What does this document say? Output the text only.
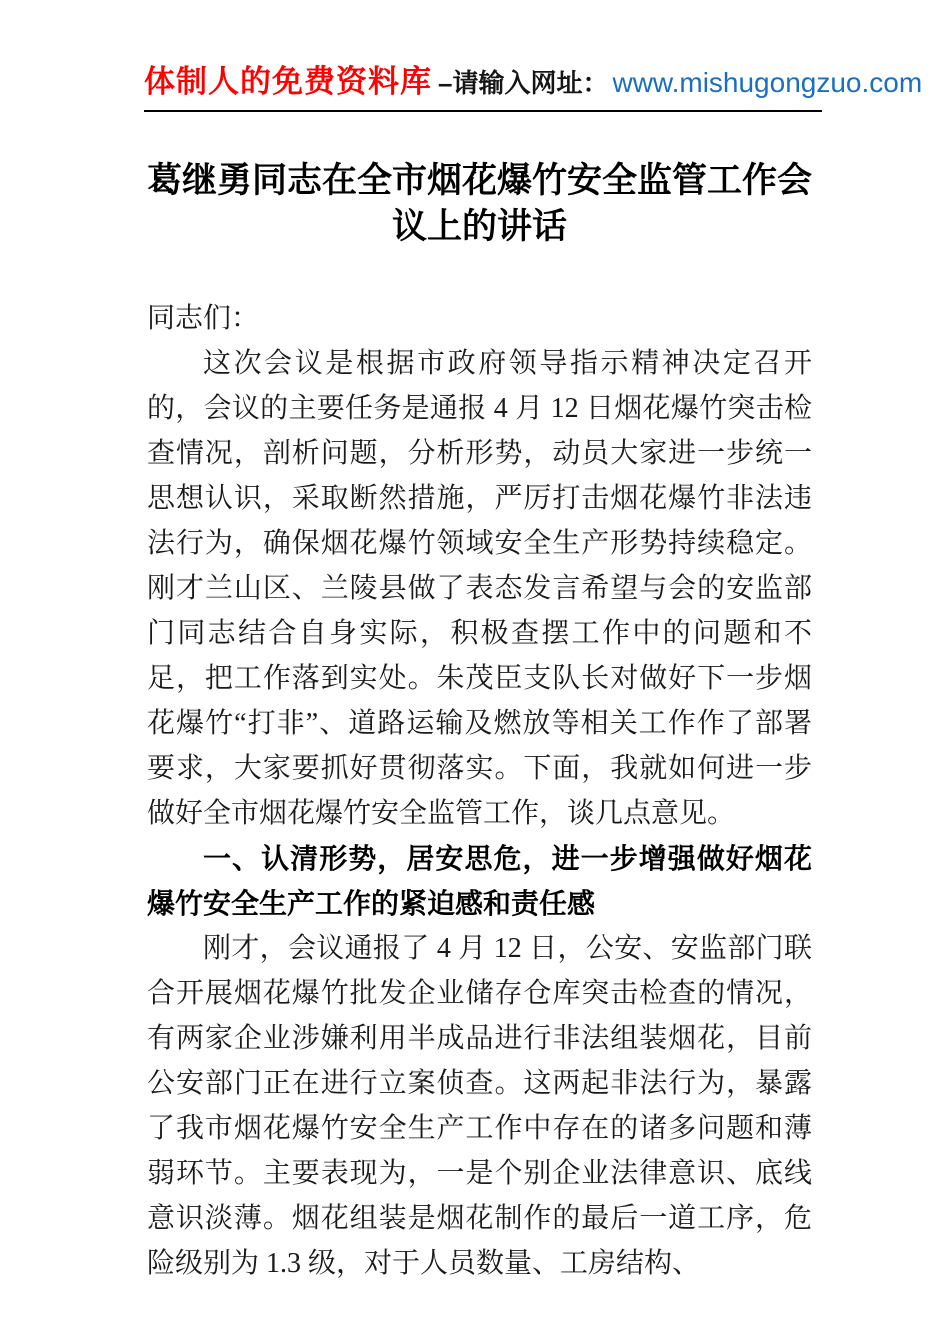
体制人的免费资料库 –请输入网址： www.mishugongzuo.com
葛继勇同志在全市烟花爆竹安全监管工作会议上的讲话

同志们：

这次会议是根据市政府领导指示精神决定召开的，会议的主要任务是通报 4 月 12 日烟花爆竹突击检查情况，剖析问题，分析形势，动员大家进一步统一思想认识，采取断然措施，严厉打击烟花爆竹非法违法行为，确保烟花爆竹领域安全生产形势持续稳定。刚才兰山区、兰陵县做了表态发言希望与会的安监部门同志结合自身实际，积极查摆工作中的问题和不足，把工作落到实处。朱茂臣支队长对做好下一步烟花爆竹“打非”、道路运输及燃放等相关工作作了部署要求，大家要抓好贯彻落实。下面，我就如何进一步做好全市烟花爆竹安全监管工作，谈几点意见。

一、认清形势，居安思危，进一步增强做好烟花爆竹安全生产工作的紧迫感和责任感

刚才，会议通报了 4 月 12 日，公安、安监部门联合开展烟花爆竹批发企业储存仓库突击检查的情况，有两家企业涉嫌利用半成品进行非法组装烟花，目前公安部门正在进行立案侦查。这两起非法行为，暴露了我市烟花爆竹安全生产工作中存在的诸多问题和薄弱环节。主要表现为，一是个别企业法律意识、底线意识淡薄。烟花组装是烟花制作的最后一道工序，危险级别为 1.3 级，对于人员数量、工房结构、
